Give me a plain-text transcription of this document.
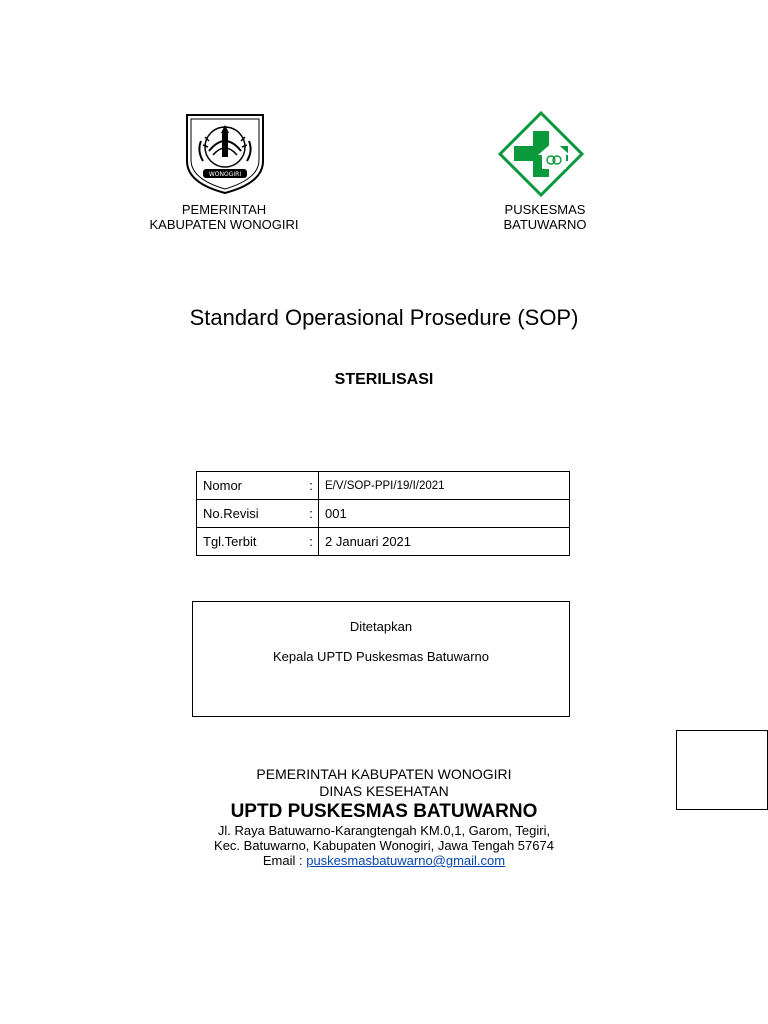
WONOGIRI
PEMERINTAH
KABUPATEN WONOGIRI
PUSKESMAS
BATUWARNO
Standard Operasional Prosedure (SOP)
STERILISASI
Nomor	:	E/V/SOP-PPI/19/I/2021
No.Revisi	:	001
Tgl.Terbit	:	2 Januari 2021
Ditetapkan
Kepala UPTD Puskesmas Batuwarno
PEMERINTAH KABUPATEN WONOGIRI
DINAS KESEHATAN
UPTD PUSKESMAS BATUWARNO
Jl. Raya Batuwarno-Karangtengah KM.0,1, Garom, Tegiri,
Kec. Batuwarno, Kabupaten Wonogiri, Jawa Tengah 57674
Email : puskesmasbatuwarno@gmail.com
